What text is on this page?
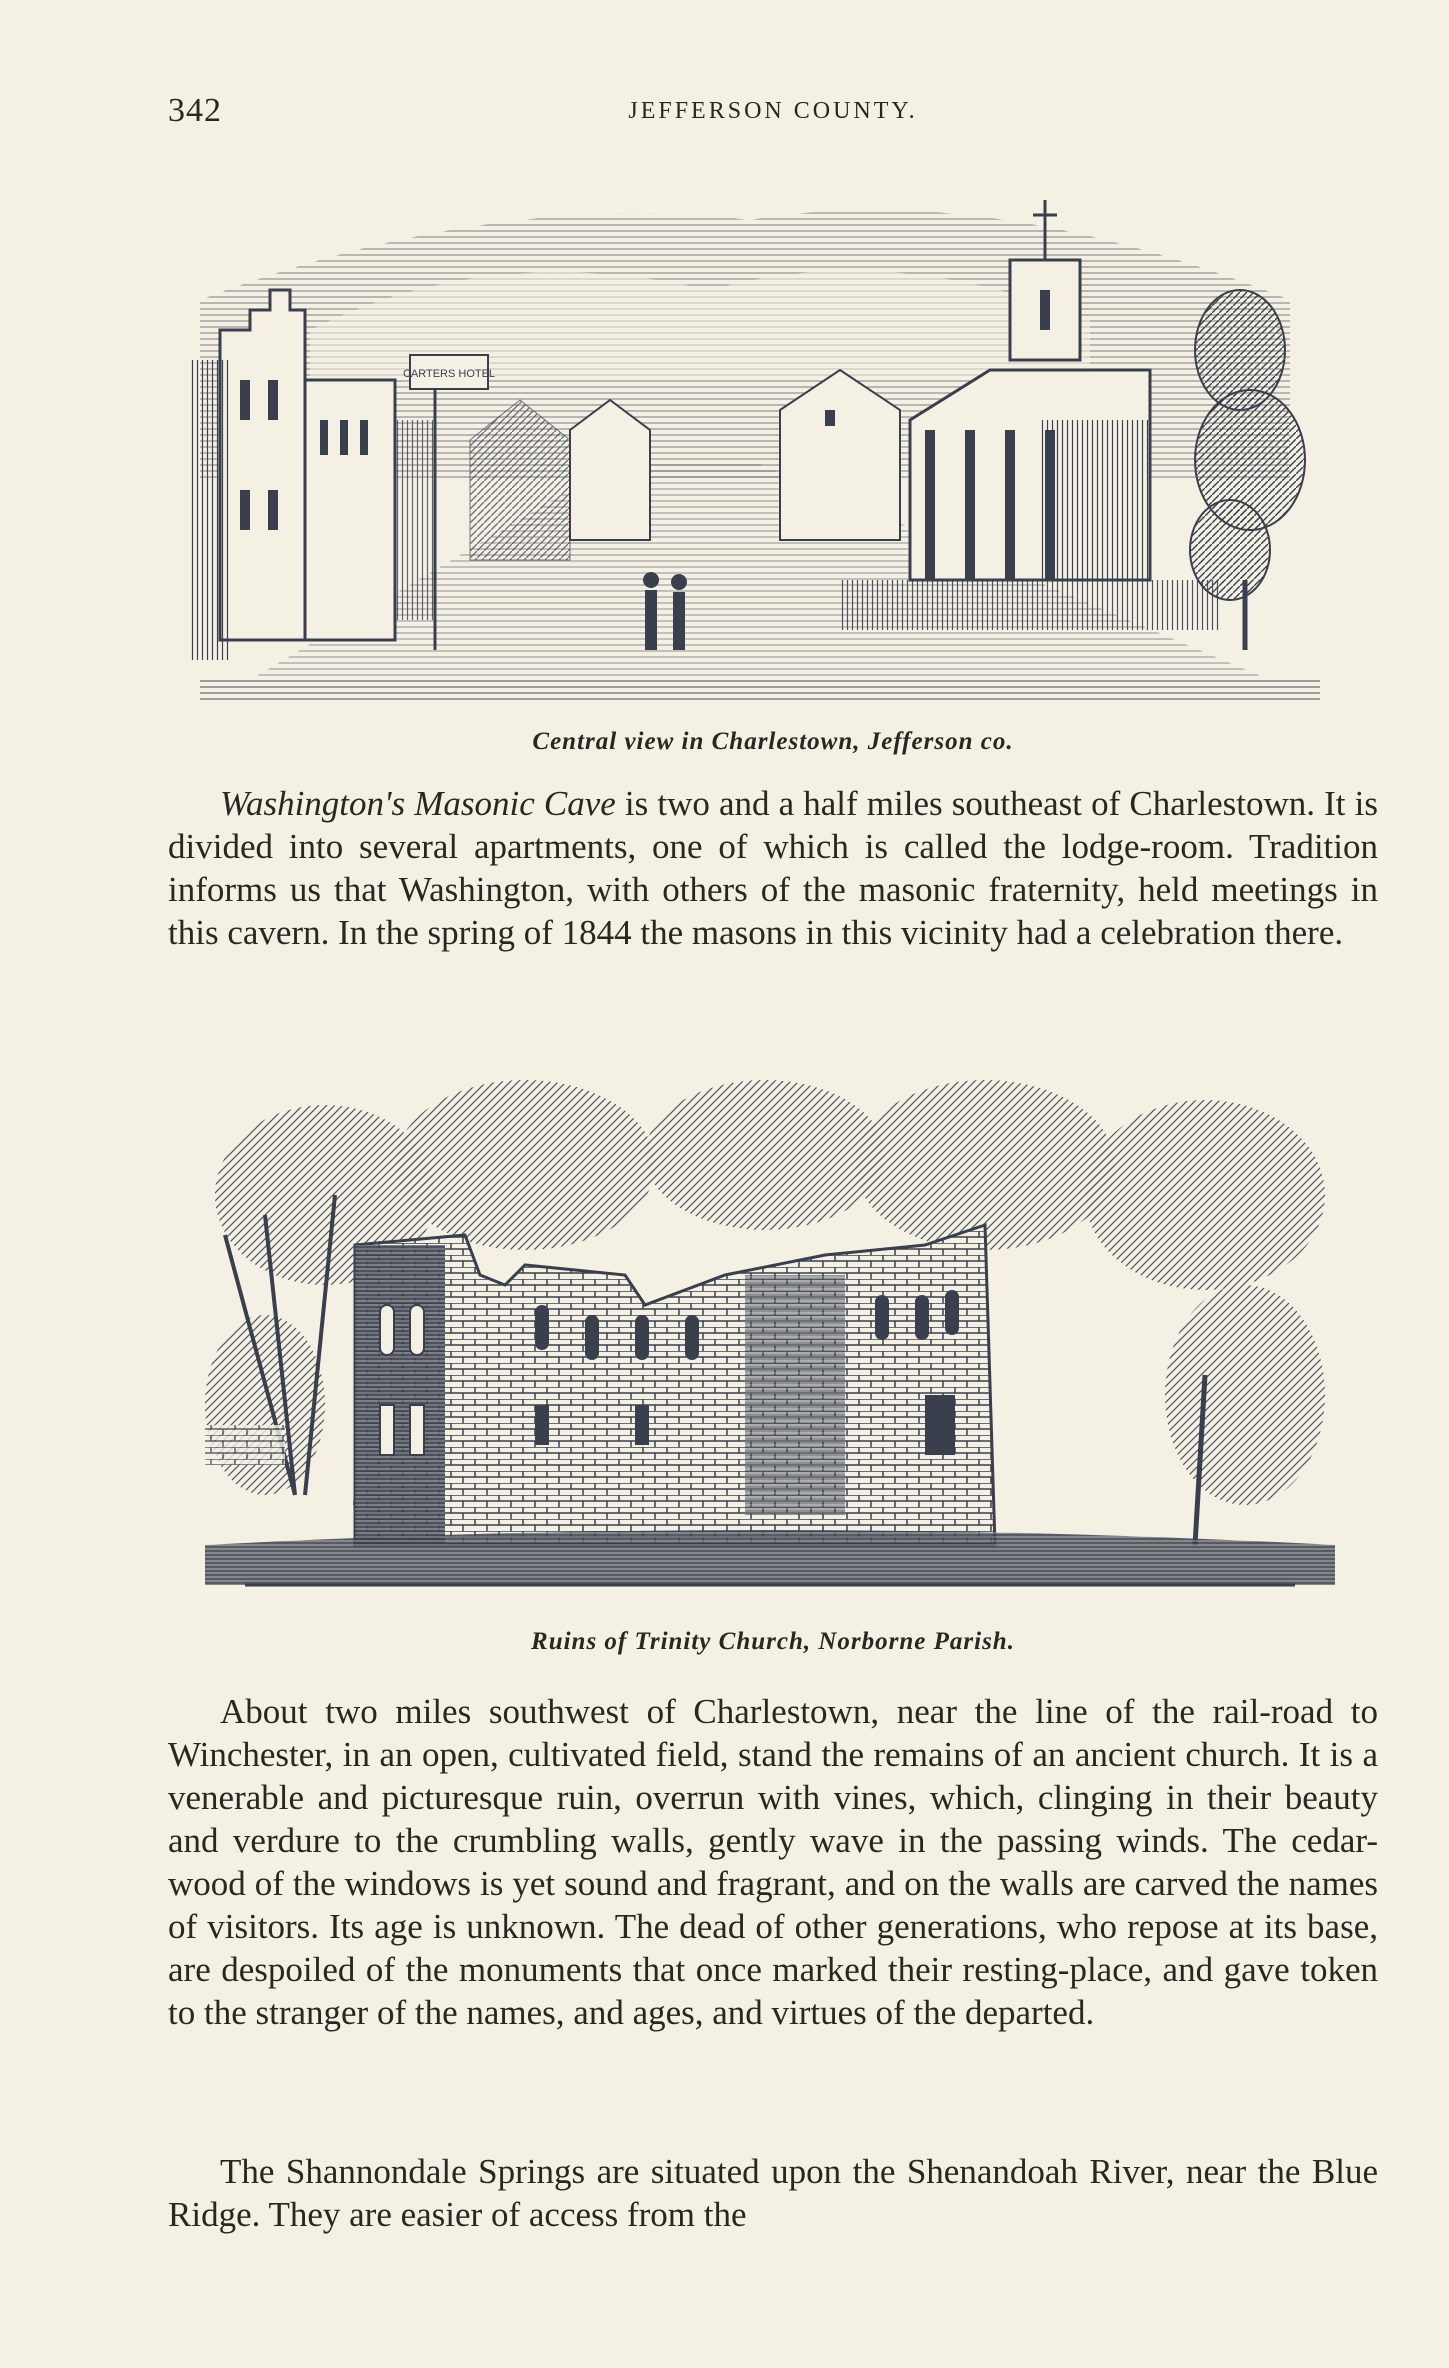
342	JEFFERSON COUNTY.
CARTERS HOTEL
Central view in Charlestown, Jefferson co.

Washington's Masonic Cave is two and a half miles southeast of Charlestown. It is divided into several apartments, one of which is called the lodge-room. Tradition informs us that Washington, with others of the masonic fraternity, held meetings in this cavern. In the spring of 1844 the masons in this vicinity had a celebration there.

Ruins of Trinity Church, Norborne Parish.

About two miles southwest of Charlestown, near the line of the rail-road to Winchester, in an open, cultivated field, stand the remains of an ancient church. It is a venerable and picturesque ruin, overrun with vines, which, clinging in their beauty and verdure to the crumbling walls, gently wave in the passing winds. The cedar-wood of the windows is yet sound and fragrant, and on the walls are carved the names of visitors. Its age is unknown. The dead of other generations, who repose at its base, are despoiled of the monuments that once marked their resting-place, and gave token to the stranger of the names, and ages, and virtues of the departed.

The Shannondale Springs are situated upon the Shenandoah River, near the Blue Ridge. They are easier of access from the
